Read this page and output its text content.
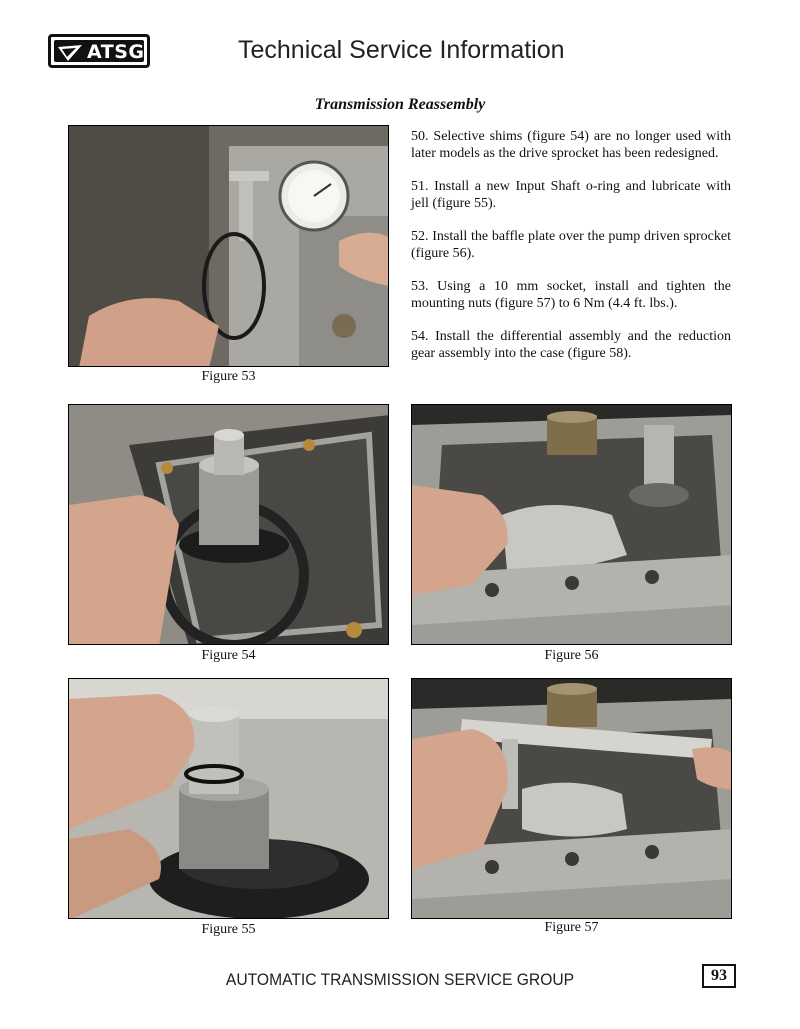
ATSG	Technical Service Information
Transmission Reassembly
Figure 53

50. Selective shims (figure 54) are no longer used with later models as the drive sprocket has been redesigned.

51. Install a new Input Shaft o-ring and lubricate with jell (figure 55).

52. Install the baffle plate over the pump driven sprocket (figure 56).

53. Using a 10 mm socket, install and tighten the mounting nuts (figure 57) to 6 Nm (4.4 ft. lbs.).

54. Install the differential assembly and the reduction gear assembly into the case (figure 58).

Figure 54	Figure 56
Figure 55	Figure 57
AUTOMATIC TRANSMISSION SERVICE GROUP	93
